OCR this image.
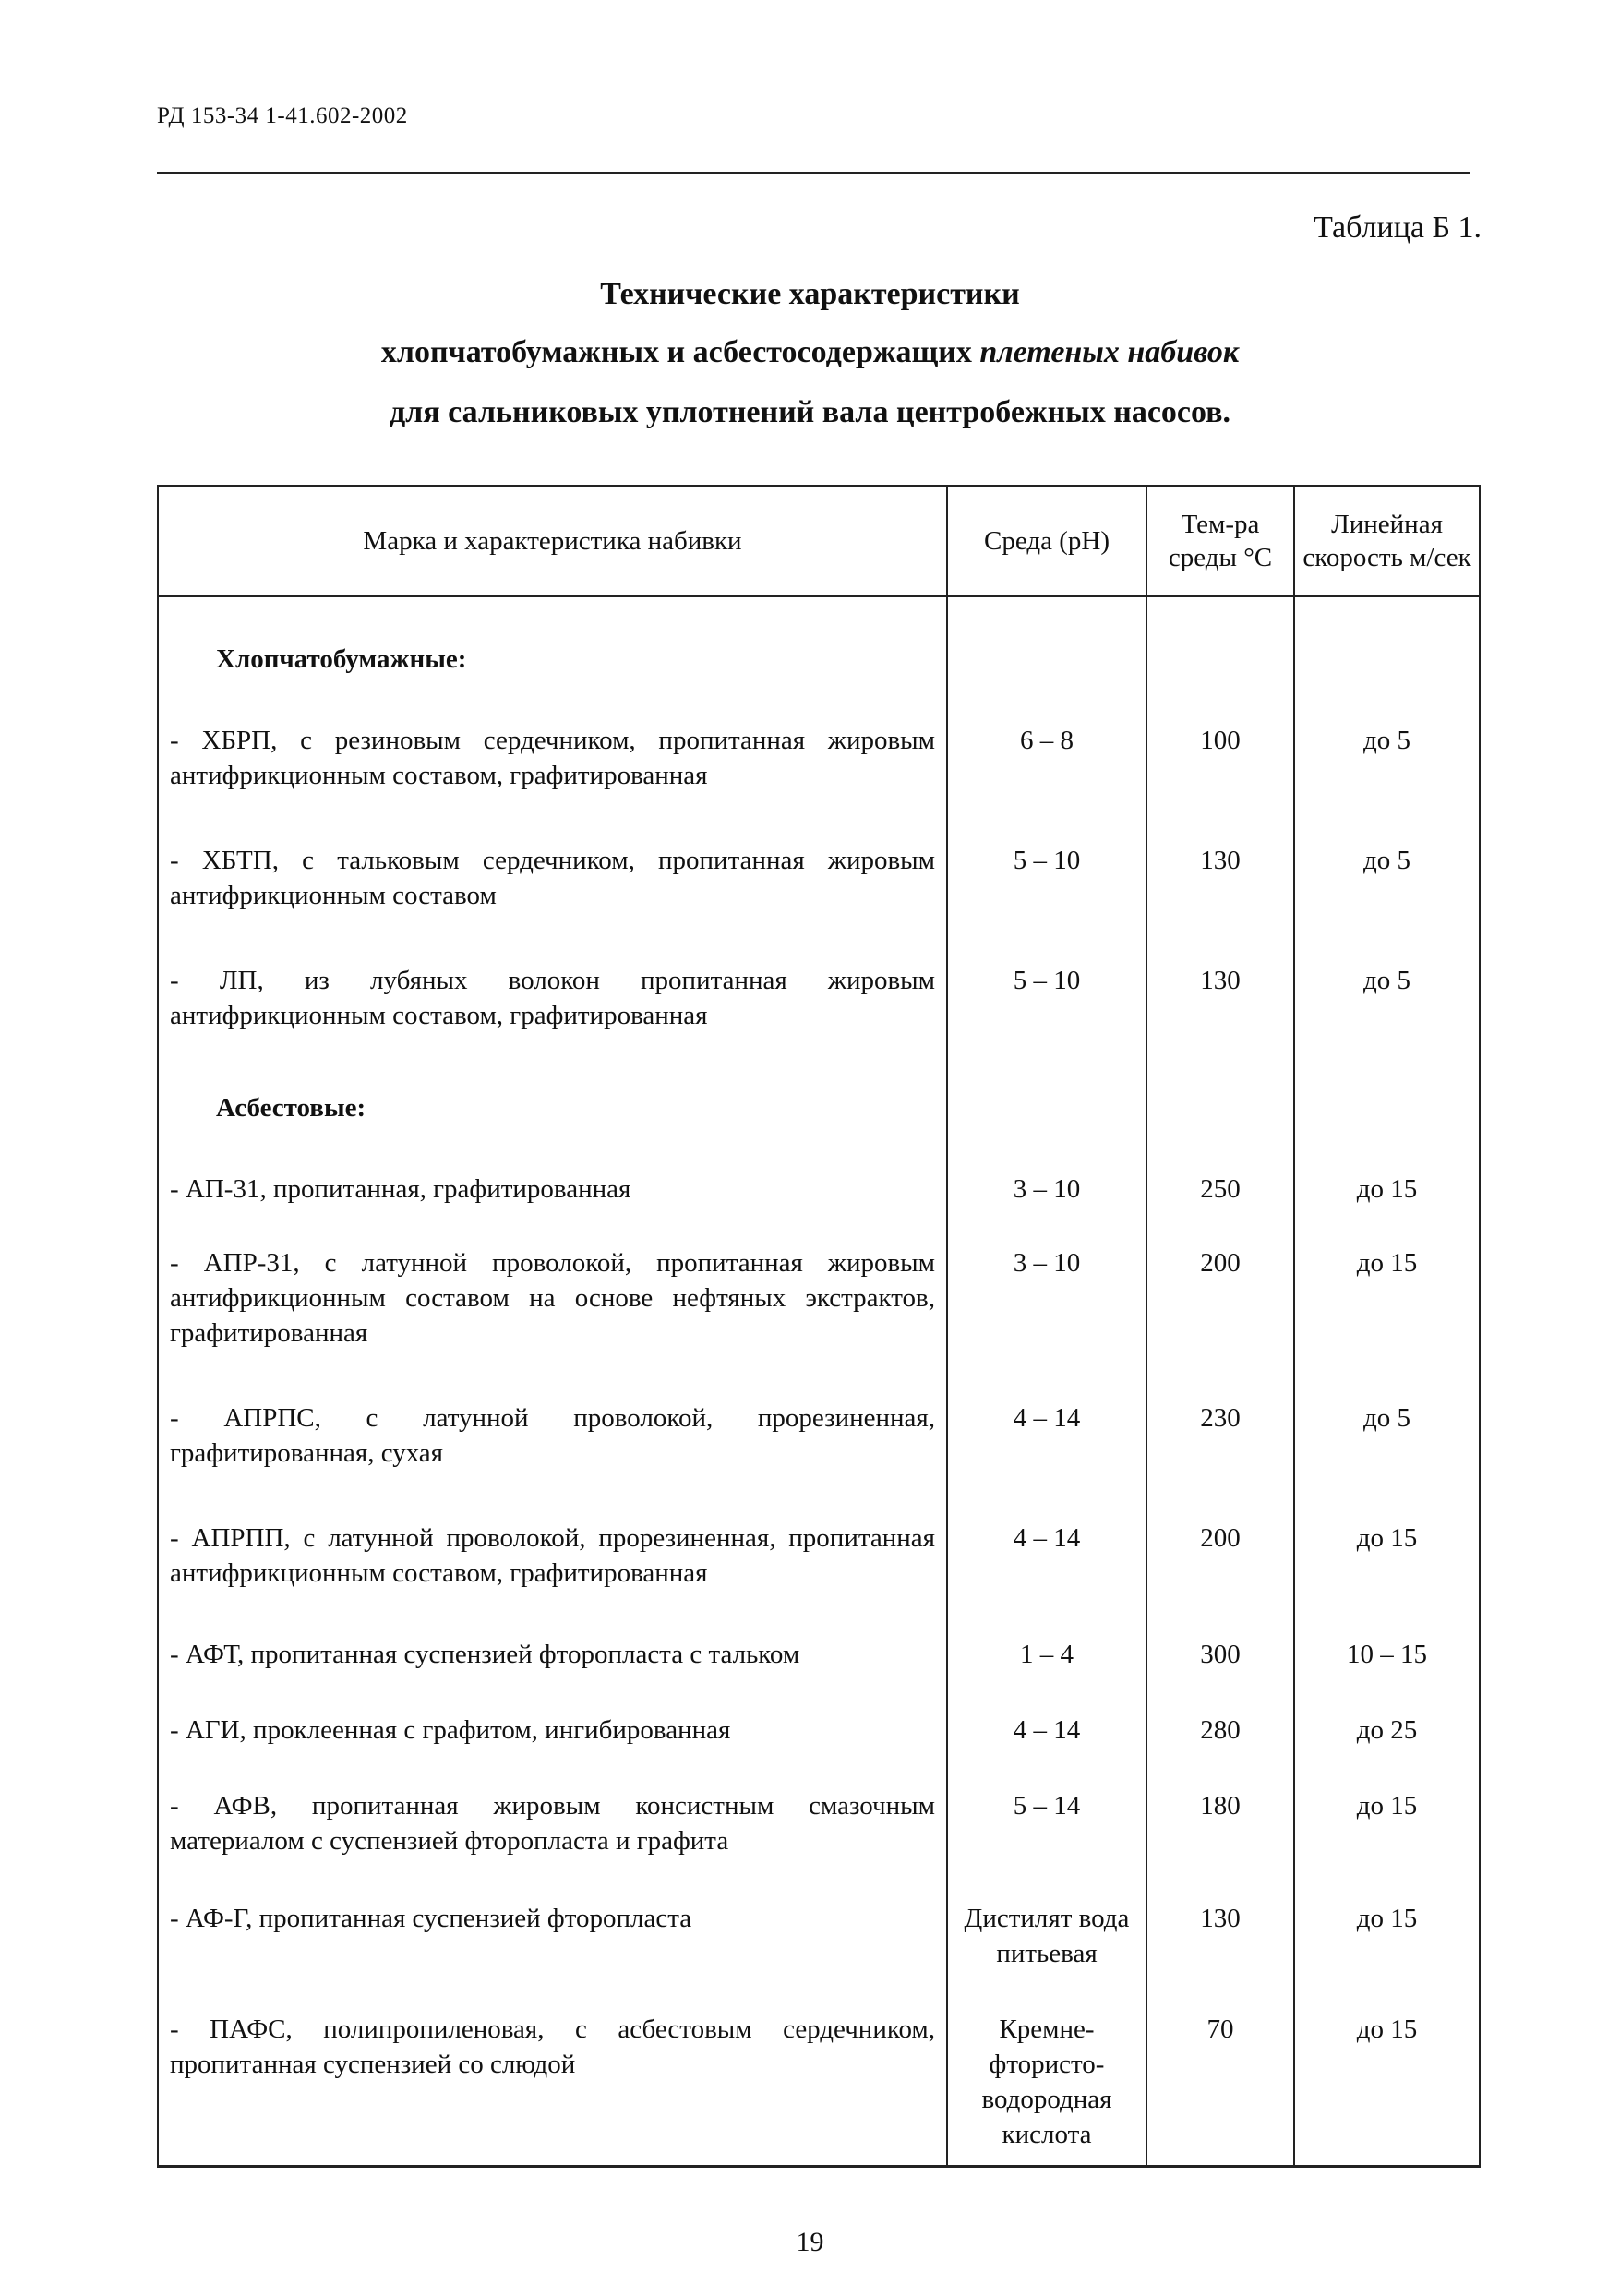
РД 153-34 1-41.602-2002
Таблица Б 1.
Технические характеристики
хлопчатобумажных и асбестосодержащих плетеных набивок
для сальниковых уплотнений вала центробежных насосов.
Марка и характеристика набивки	Среда (pH)	Тем-ра среды °C	Линейная скорость м/сек
Хлопчатобумажные:			
- ХБРП, с резиновым сердечником, пропитанная жировым антифрикционным составом, графитированная	6 – 8	100	до 5
- ХБТП, с тальковым сердечником, пропитанная жировым антифрикционным составом	5 – 10	130	до 5
- ЛП, из лубяных волокон пропитанная жировым антифрикционным составом, графитированная	5 – 10	130	до 5
Асбестовые:			
- АП-31, пропитанная, графитированная	3 – 10	250	до 15
- АПР-31, с латунной проволокой, пропитанная жировым антифрикционным составом на основе нефтяных экстрактов, графитированная	3 – 10	200	до 15
- АПРПС, с латунной проволокой, прорезиненная, графитированная, сухая	4 – 14	230	до 5
- АПРПП, с латунной проволокой, прорезиненная, пропитанная антифрикционным составом, графитированная	4 – 14	200	до 15
- АФТ, пропитанная суспензией фторопласта с тальком	1 – 4	300	10 – 15
- АГИ, проклеенная с графитом, ингибированная	4 – 14	280	до 25
- АФВ, пропитанная жировым консистным смазочным материалом с суспензией фторопласта и графита	5 – 14	180	до 15
- АФ-Г, пропитанная суспензией фторопласта	Дистилят вода питьевая	130	до 15
- ПАФС, полипропиленовая, с асбестовым сердечником, пропитанная суспензией со слюдой	Кремне-фтористо-водородная кислота	70	до 15
19
